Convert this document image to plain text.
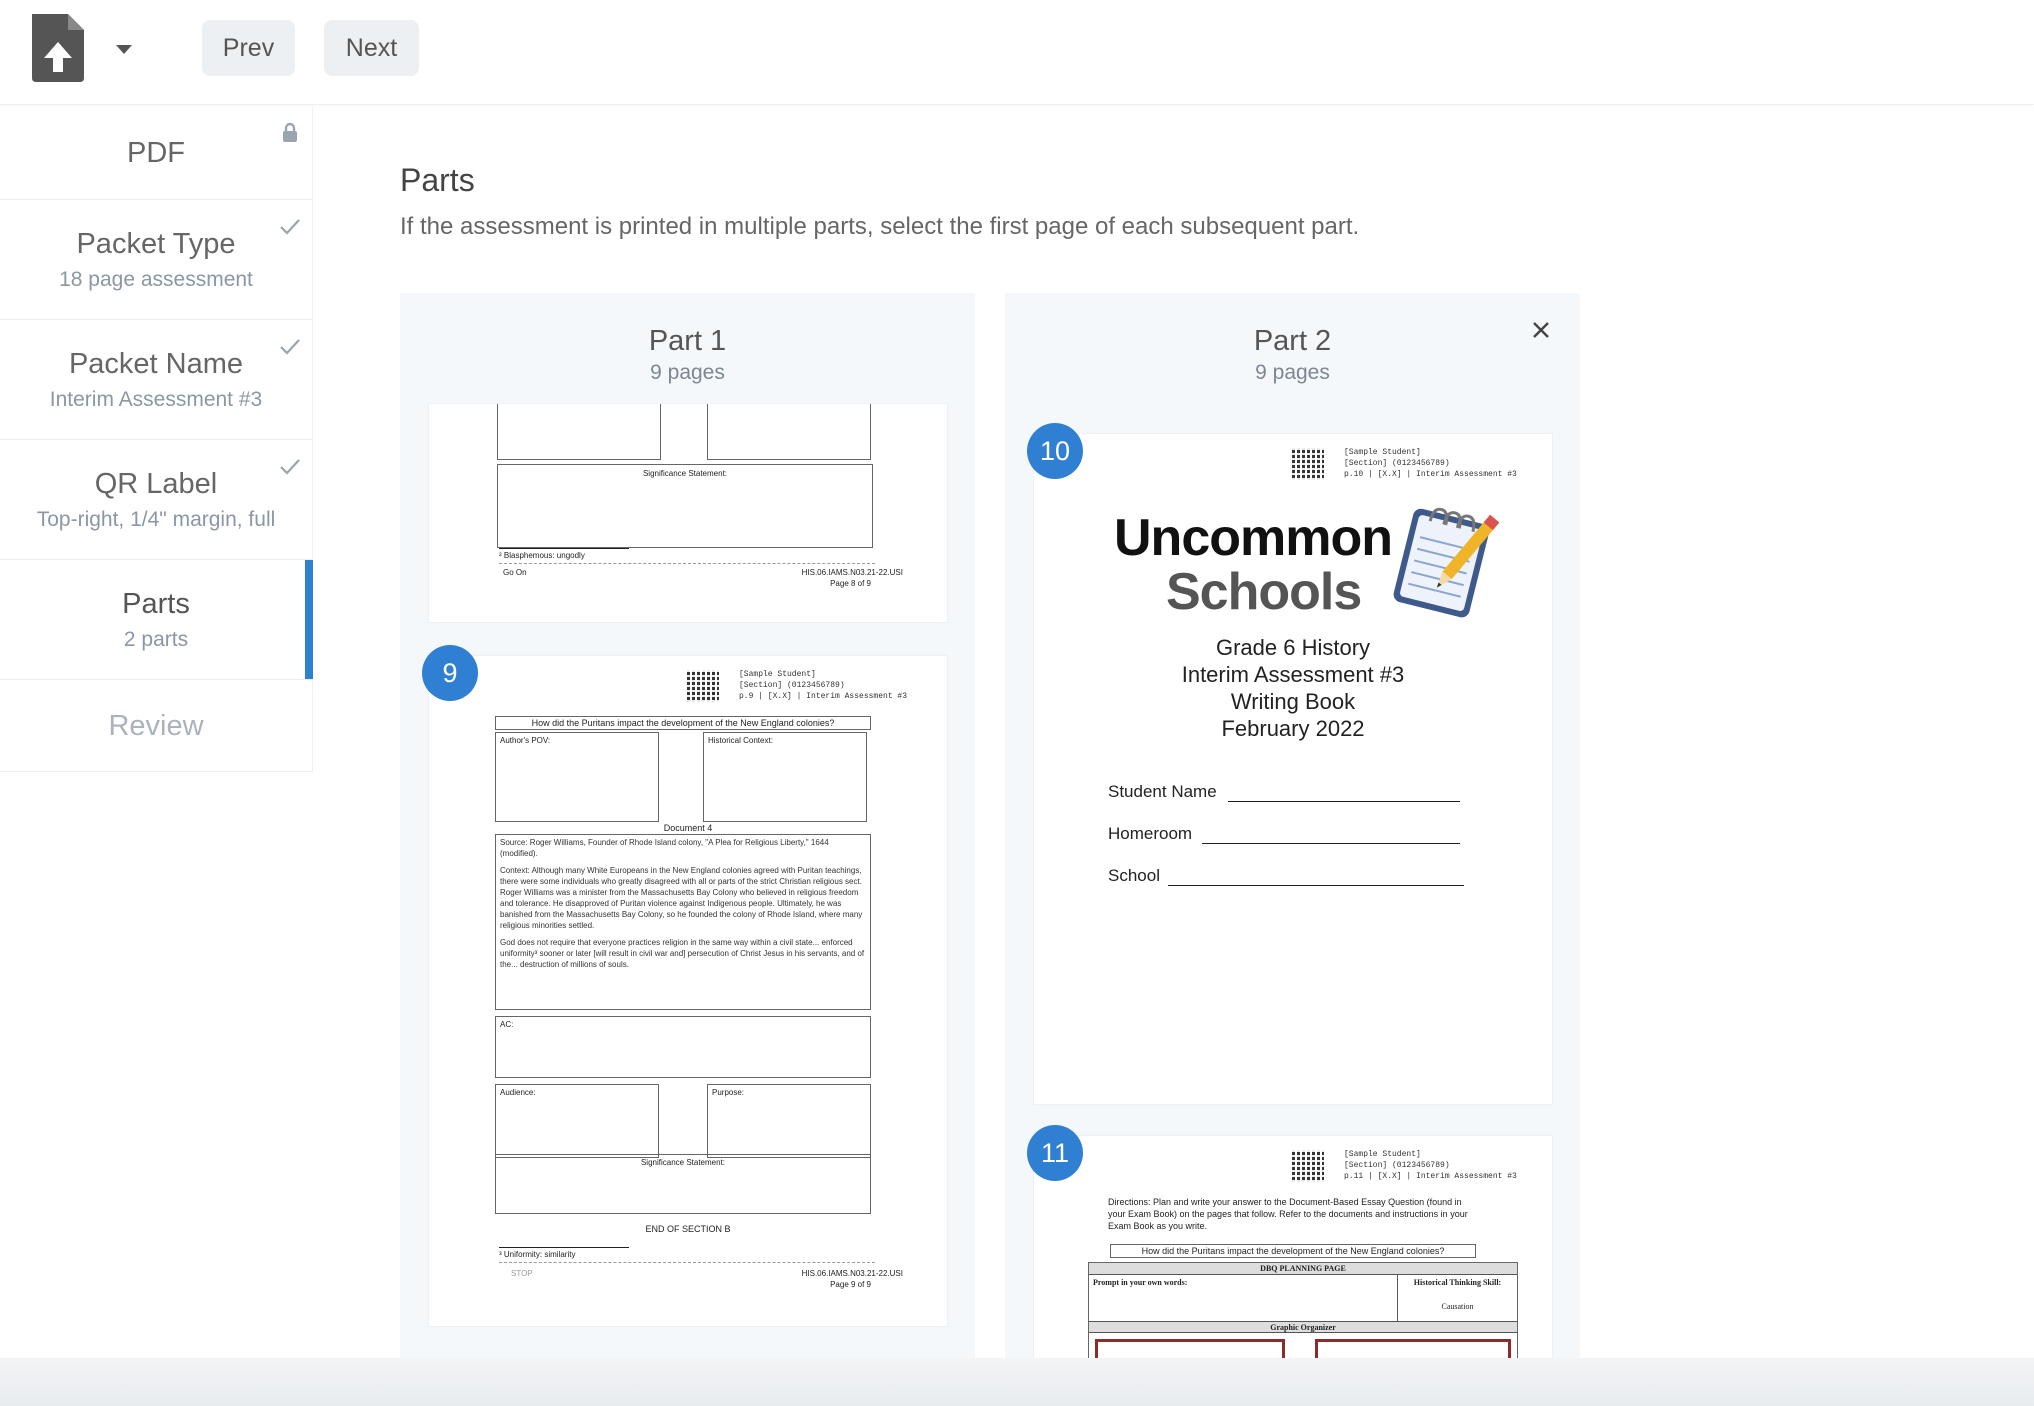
Prev	Next
PDF
Packet Type
18 page assessment
Packet Name
Interim Assessment #3
QR Label
Top-right, 1/4" margin, full
Parts
2 parts
Review
Parts
If the assessment is printed in multiple parts, select the first page of each subsequent part.
Part 1
9 pages
Significance Statement:
² Blasphemous: ungodly
Go On	HIS.06.IAMS.N03.21-22.USI
Page 8 of 9
9	[Sample Student]
[Section] (0123456789)
p.9 | [X.X] | Interim Assessment #3
How did the Puritans impact the development of the New England colonies?
Author's POV:	Historical Context:
Document 4
Source: Roger Williams, Founder of Rhode Island colony, "A Plea for Religious Liberty," 1644 (modified).
Context: Although many White Europeans in the New England colonies agreed with Puritan teachings, there were some individuals who greatly disagreed with all or parts of the strict Christian religious sect. Roger Williams was a minister from the Massachusetts Bay Colony who believed in religious freedom and tolerance. He disapproved of Puritan violence against Indigenous people. Ultimately, he was banished from the Massachusetts Bay Colony, so he founded the colony of Rhode Island, where many religious minorities settled.
God does not require that everyone practices religion in the same way within a civil state... enforced uniformity³ sooner or later [will result in civil war and] persecution of Christ Jesus in his servants, and of the... destruction of millions of souls.
AC:
Audience:	Purpose:
Significance Statement:
END OF SECTION B
³ Uniformity: similarity
STOP	HIS.06.IAMS.N03.21-22.USI
Page 9 of 9
Part 2
9 pages
10	[Sample Student]
[Section] (0123456789)
p.10 | [X.X] | Interim Assessment #3
Uncommon
Schools
Grade 6 History
Interim Assessment #3
Writing Book
February 2022
Student Name
Homeroom
School
11	[Sample Student]
[Section] (0123456789)
p.11 | [X.X] | Interim Assessment #3
Directions: Plan and write your answer to the Document-Based Essay Question (found in your Exam Book) on the pages that follow. Refer to the documents and instructions in your Exam Book as you write.
How did the Puritans impact the development of the New England colonies?
DBQ PLANNING PAGE
Prompt in your own words:	Historical Thinking Skill:
Causation
Graphic Organizer
